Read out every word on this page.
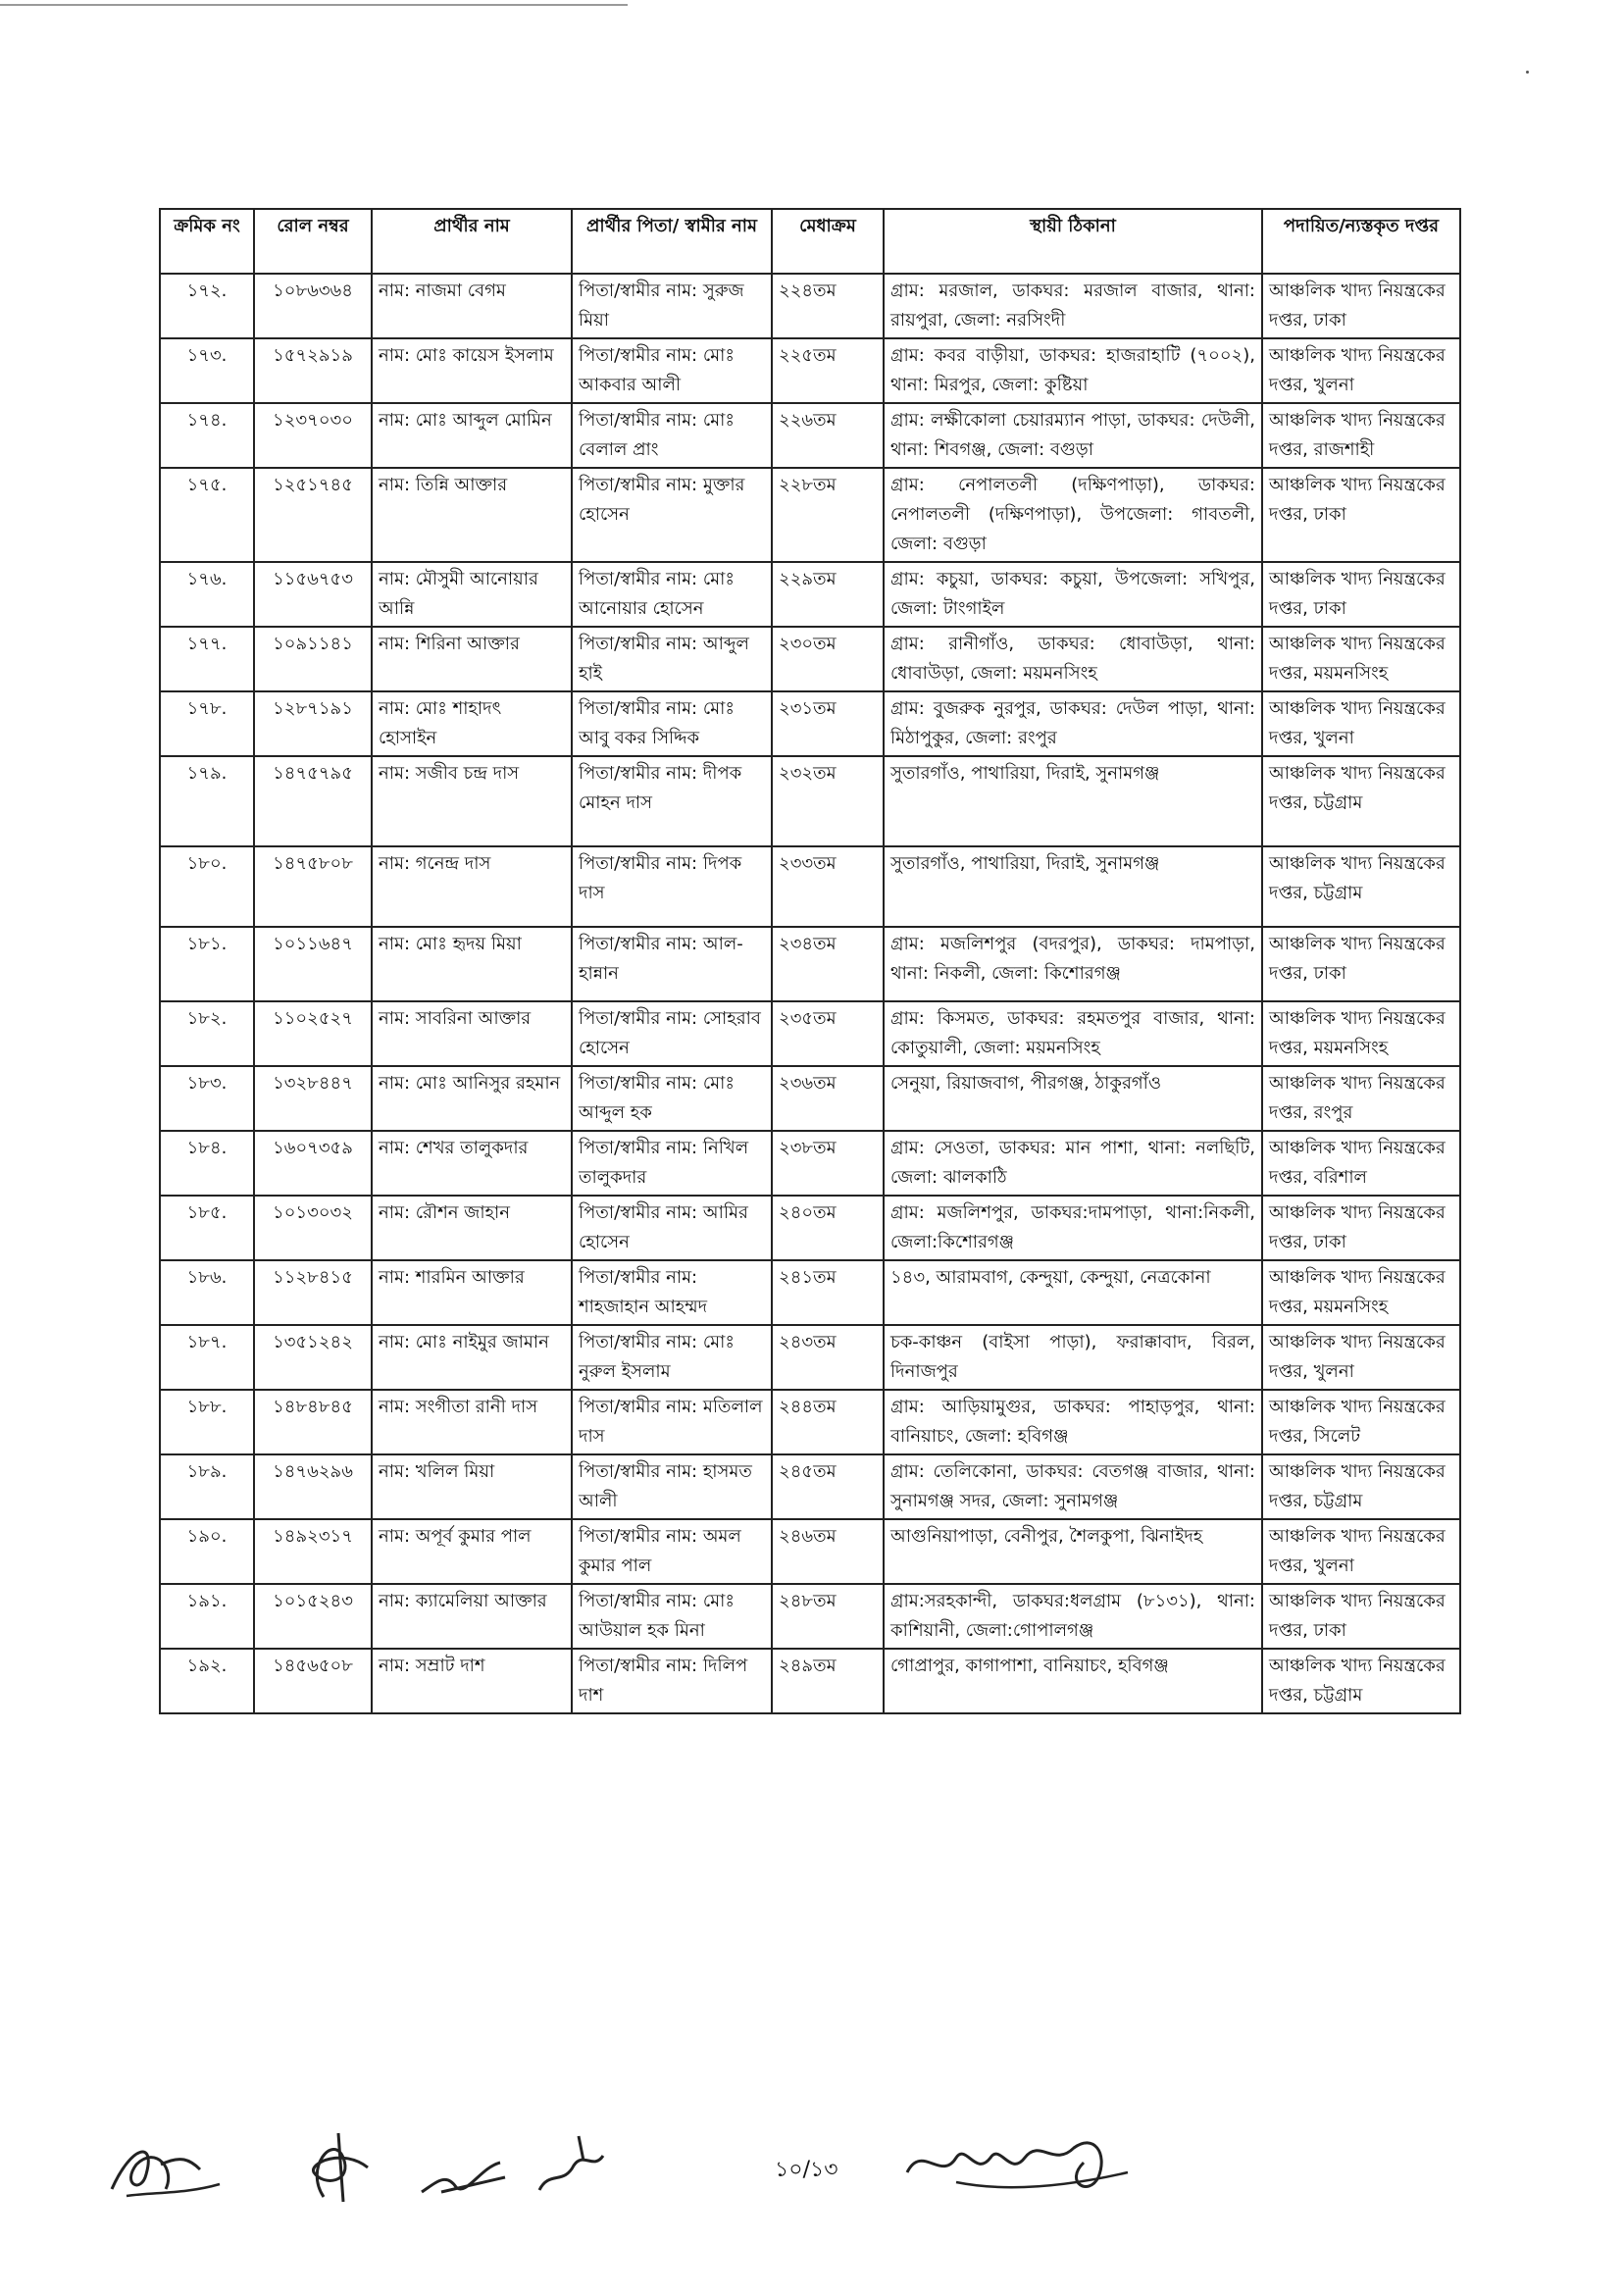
ক্রমিক নং	রোল নম্বর	প্রার্থীর নাম	প্রার্থীর পিতা/ স্বামীর নাম	মেধাক্রম	স্থায়ী ঠিকানা	পদায়িত/ন্যস্তকৃত দপ্তর
১৭২.	১০৮৬৩৬৪	নাম: নাজমা বেগম	পিতা/স্বামীর নাম: সুরুজ মিয়া	২২৪তম	গ্রাম: মরজাল, ডাকঘর: মরজাল বাজার, থানা: রায়পুরা, জেলা: নরসিংদী	আঞ্চলিক খাদ্য নিয়ন্ত্রকের দপ্তর, ঢাকা
১৭৩.	১৫৭২৯১৯	নাম: মোঃ কায়েস ইসলাম	পিতা/স্বামীর নাম: মোঃ আকবার আলী	২২৫তম	গ্রাম: কবর বাড়ীয়া, ডাকঘর: হাজরাহাটি (৭০০২), থানা: মিরপুর, জেলা: কুষ্টিয়া	আঞ্চলিক খাদ্য নিয়ন্ত্রকের দপ্তর, খুলনা
১৭৪.	১২৩৭০৩০	নাম: মোঃ আব্দুল মোমিন	পিতা/স্বামীর নাম: মোঃ বেলাল প্রাং	২২৬তম	গ্রাম: লক্ষীকোলা চেয়ারম্যান পাড়া, ডাকঘর: দেউলী, থানা: শিবগঞ্জ, জেলা: বগুড়া	আঞ্চলিক খাদ্য নিয়ন্ত্রকের দপ্তর, রাজশাহী
১৭৫.	১২৫১৭৪৫	নাম: তিন্নি আক্তার	পিতা/স্বামীর নাম: মুক্তার হোসেন	২২৮তম	গ্রাম: নেপালতলী (দক্ষিণপাড়া), ডাকঘর: নেপালতলী (দক্ষিণপাড়া), উপজেলা: গাবতলী, জেলা: বগুড়া	আঞ্চলিক খাদ্য নিয়ন্ত্রকের দপ্তর, ঢাকা
১৭৬.	১১৫৬৭৫৩	নাম: মৌসুমী আনোয়ার আন্নি	পিতা/স্বামীর নাম: মোঃ আনোয়ার হোসেন	২২৯তম	গ্রাম: কচুয়া, ডাকঘর: কচুয়া, উপজেলা: সখিপুর, জেলা: টাংগাইল	আঞ্চলিক খাদ্য নিয়ন্ত্রকের দপ্তর, ঢাকা
১৭৭.	১০৯১১৪১	নাম: শিরিনা আক্তার	পিতা/স্বামীর নাম: আব্দুল হাই	২৩০তম	গ্রাম: রানীগাঁও, ডাকঘর: ধোবাউড়া, থানা: ধোবাউড়া, জেলা: ময়মনসিংহ	আঞ্চলিক খাদ্য নিয়ন্ত্রকের দপ্তর, ময়মনসিংহ
১৭৮.	১২৮৭১৯১	নাম: মোঃ শাহাদৎ হোসাইন	পিতা/স্বামীর নাম: মোঃ আবু বকর সিদ্দিক	২৩১তম	গ্রাম: বুজরুক নুরপুর, ডাকঘর: দেউল পাড়া, থানা: মিঠাপুকুর, জেলা: রংপুর	আঞ্চলিক খাদ্য নিয়ন্ত্রকের দপ্তর, খুলনা
১৭৯.	১৪৭৫৭৯৫	নাম: সজীব চন্দ্র দাস	পিতা/স্বামীর নাম: দীপক মোহন দাস	২৩২তম	সুতারগাঁও, পাথারিয়া, দিরাই, সুনামগঞ্জ	আঞ্চলিক খাদ্য নিয়ন্ত্রকের দপ্তর, চট্টগ্রাম
১৮০.	১৪৭৫৮০৮	নাম: গনেন্দ্র দাস	পিতা/স্বামীর নাম: দিপক দাস	২৩৩তম	সুতারগাঁও, পাথারিয়া, দিরাই, সুনামগঞ্জ	আঞ্চলিক খাদ্য নিয়ন্ত্রকের দপ্তর, চট্টগ্রাম
১৮১.	১০১১৬৪৭	নাম: মোঃ হৃদয় মিয়া	পিতা/স্বামীর নাম: আল-হান্নান	২৩৪তম	গ্রাম: মজলিশপুর (বদরপুর), ডাকঘর: দামপাড়া, থানা: নিকলী, জেলা: কিশোরগঞ্জ	আঞ্চলিক খাদ্য নিয়ন্ত্রকের দপ্তর, ঢাকা
১৮২.	১১০২৫২৭	নাম: সাবরিনা আক্তার	পিতা/স্বামীর নাম: সোহরাব হোসেন	২৩৫তম	গ্রাম: কিসমত, ডাকঘর: রহমতপুর বাজার, থানা: কোতুয়ালী, জেলা: ময়মনসিংহ	আঞ্চলিক খাদ্য নিয়ন্ত্রকের দপ্তর, ময়মনসিংহ
১৮৩.	১৩২৮৪৪৭	নাম: মোঃ আনিসুর রহমান	পিতা/স্বামীর নাম: মোঃ আব্দুল হক	২৩৬তম	সেনুয়া, রিয়াজবাগ, পীরগঞ্জ, ঠাকুরগাঁও	আঞ্চলিক খাদ্য নিয়ন্ত্রকের দপ্তর, রংপুর
১৮৪.	১৬০৭৩৫৯	নাম: শেখর তালুকদার	পিতা/স্বামীর নাম: নিখিল তালুকদার	২৩৮তম	গ্রাম: সেওতা, ডাকঘর: মান পাশা, থানা: নলছিটি, জেলা: ঝালকাঠি	আঞ্চলিক খাদ্য নিয়ন্ত্রকের দপ্তর, বরিশাল
১৮৫.	১০১৩০৩২	নাম: রৌশন জাহান	পিতা/স্বামীর নাম: আমির হোসেন	২৪০তম	গ্রাম: মজলিশপুর, ডাকঘর:দামপাড়া, থানা:নিকলী, জেলা:কিশোরগঞ্জ	আঞ্চলিক খাদ্য নিয়ন্ত্রকের দপ্তর, ঢাকা
১৮৬.	১১২৮৪১৫	নাম: শারমিন আক্তার	পিতা/স্বামীর নাম: শাহজাহান আহম্মদ	২৪১তম	১৪৩, আরামবাগ, কেন্দুয়া, কেন্দুয়া, নেত্রকোনা	আঞ্চলিক খাদ্য নিয়ন্ত্রকের দপ্তর, ময়মনসিংহ
১৮৭.	১৩৫১২৪২	নাম: মোঃ নাইমুর জামান	পিতা/স্বামীর নাম: মোঃ নুরুল ইসলাম	২৪৩তম	চক-কাঞ্চন (বাইসা পাড়া), ফরাক্কাবাদ, বিরল, দিনাজপুর	আঞ্চলিক খাদ্য নিয়ন্ত্রকের দপ্তর, খুলনা
১৮৮.	১৪৮৪৮৪৫	নাম: সংগীতা রানী দাস	পিতা/স্বামীর নাম: মতিলাল দাস	২৪৪তম	গ্রাম: আড়িয়ামুগুর, ডাকঘর: পাহাড়পুর, থানা: বানিয়াচং, জেলা: হবিগঞ্জ	আঞ্চলিক খাদ্য নিয়ন্ত্রকের দপ্তর, সিলেট
১৮৯.	১৪৭৬২৯৬	নাম: খলিল মিয়া	পিতা/স্বামীর নাম: হাসমত আলী	২৪৫তম	গ্রাম: তেলিকোনা, ডাকঘর: বেতগঞ্জ বাজার, থানা: সুনামগঞ্জ সদর, জেলা: সুনামগঞ্জ	আঞ্চলিক খাদ্য নিয়ন্ত্রকের দপ্তর, চট্টগ্রাম
১৯০.	১৪৯২৩১৭	নাম: অপূর্ব কুমার পাল	পিতা/স্বামীর নাম: অমল কুমার পাল	২৪৬তম	আগুনিয়াপাড়া, বেনীপুর, শৈলকুপা, ঝিনাইদহ	আঞ্চলিক খাদ্য নিয়ন্ত্রকের দপ্তর, খুলনা
১৯১.	১০১৫২৪৩	নাম: ক্যামেলিয়া আক্তার	পিতা/স্বামীর নাম: মোঃ আউয়াল হক মিনা	২৪৮তম	গ্রাম:সরহকান্দী, ডাকঘর:ধলগ্রাম (৮১৩১), থানা: কাশিয়ানী, জেলা:গোপালগঞ্জ	আঞ্চলিক খাদ্য নিয়ন্ত্রকের দপ্তর, ঢাকা
১৯২.	১৪৫৬৫০৮	নাম: সম্রাট দাশ	পিতা/স্বামীর নাম: দিলিপ দাশ	২৪৯তম	গোপ্রাপুর, কাগাপাশা, বানিয়াচং, হবিগঞ্জ	আঞ্চলিক খাদ্য নিয়ন্ত্রকের দপ্তর, চট্টগ্রাম
১০/১৩
